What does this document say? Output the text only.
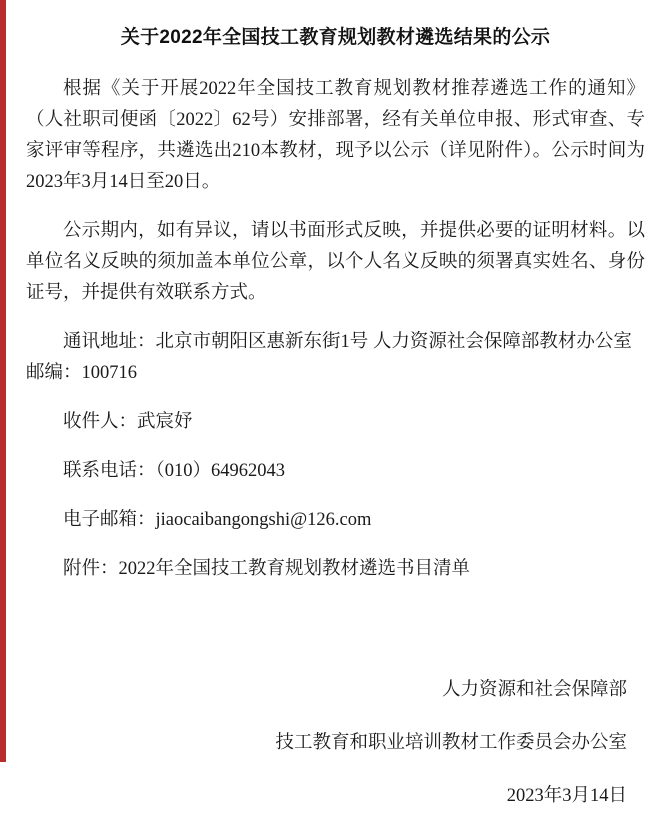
关于2022年全国技工教育规划教材遴选结果的公示

根据《关于开展2022年全国技工教育规划教材推荐遴选工作的通知》（人社职司便函〔2022〕62号）安排部署，经有关单位申报、形式审查、专家评审等程序，共遴选出210本教材，现予以公示（详见附件）。公示时间为2023年3月14日至20日。

公示期内，如有异议，请以书面形式反映，并提供必要的证明材料。以单位名义反映的须加盖本单位公章，以个人名义反映的须署真实姓名、身份证号，并提供有效联系方式。

通讯地址：北京市朝阳区惠新东街1号 人力资源社会保障部教材办公室 邮编：100716

收件人：武宸妤

联系电话：（010）64962043

电子邮箱：jiaocaibangongshi@126.com

附件：2022年全国技工教育规划教材遴选书目清单

人力资源和社会保障部

技工教育和职业培训教材工作委员会办公室

2023年3月14日
